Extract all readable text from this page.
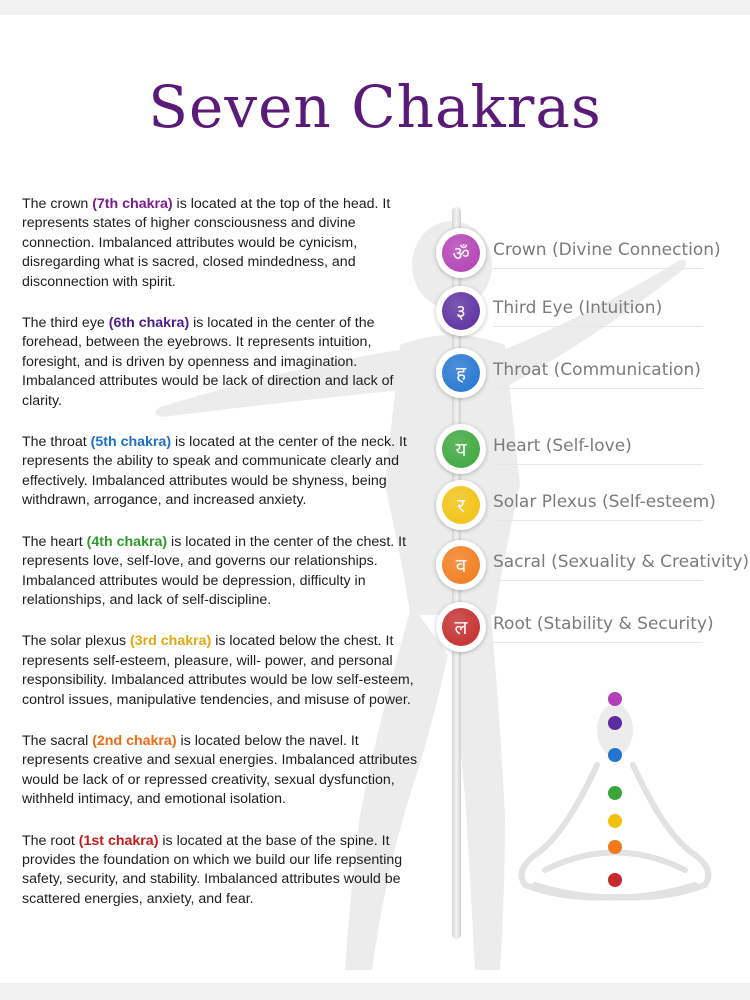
Seven Chakras

The crown (7th chakra) is located at the top of the head. It represents states of higher consciousness and divine connection. Imbalanced attributes would be cynicism, disregarding what is sacred, closed mindedness, and disconnection with spirit.

The third eye (6th chakra) is located in the center of the forehead, between the eyebrows. It represents intuition, foresight, and is driven by openness and imagination. Imbalanced attributes would be lack of direction and lack of clarity.

The throat (5th chakra) is located at the center of the neck. It represents the ability to speak and communicate clearly and effectively. Imbalanced attributes would be shyness, being withdrawn, arrogance, and increased anxiety.

The heart (4th chakra) is located in the center of the chest. It represents love, self-love, and governs our relationships. Imbalanced attributes would be depression, difficulty in relationships, and lack of self-discipline.

The solar plexus (3rd chakra) is located below the chest. It represents self-esteem, pleasure, will- power, and personal responsibility. Imbalanced attributes would be low self-esteem, control issues, manipulative tendencies, and misuse of power.

The sacral (2nd chakra) is located below the navel. It represents creative and sexual energies. Imbalanced attributes would be lack of or repressed creativity, sexual dysfunction, withheld intimacy, and emotional isolation.

The root (1st chakra) is located at the base of the spine. It provides the foundation on which we build our life repsenting safety, security, and stability. Imbalanced attributes would be scattered energies, anxiety, and fear.

ॐ	Crown (Divine Connection)
३	Third Eye (Intuition)
ह	Throat (Communication)
य	Heart (Self-love)
र	Solar Plexus (Self-esteem)
व	Sacral (Sexuality & Creativity)
ल	Root (Stability & Security)
